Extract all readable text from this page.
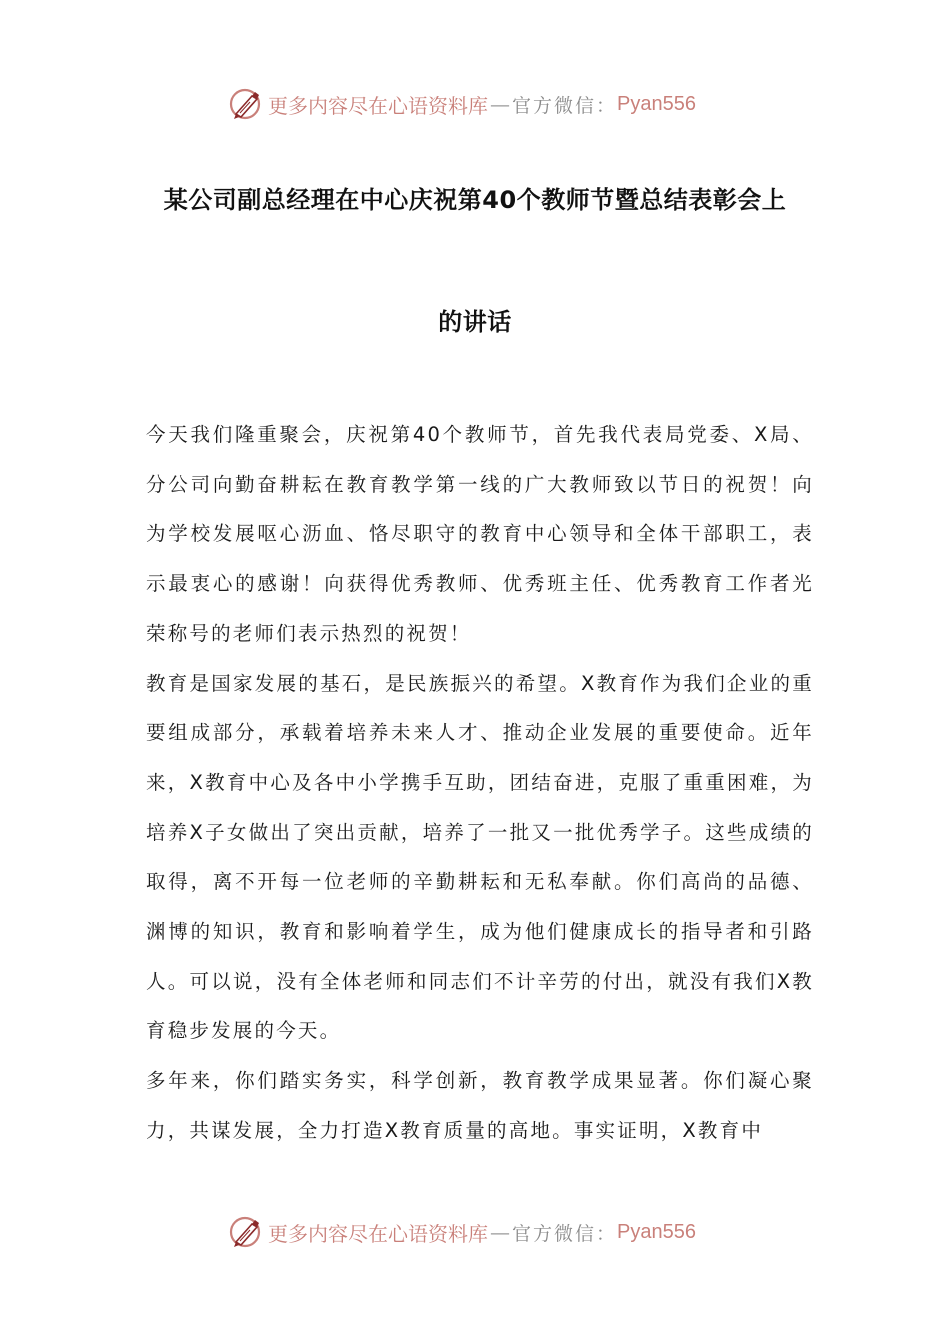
更多内容尽在心语资料库 — 官方微信： Pyan556
某公司副总经理在中心庆祝第40个教师节暨总结表彰会上
的讲话

今天我们隆重聚会，庆祝第40个教师节，首先我代表局党委、X局、分公司向勤奋耕耘在教育教学第一线的广大教师致以节日的祝贺！向为学校发展呕心沥血、恪尽职守的教育中心领导和全体干部职工，表示最衷心的感谢！向获得优秀教师、优秀班主任、优秀教育工作者光荣称号的老师们表示热烈的祝贺！

教育是国家发展的基石，是民族振兴的希望。X教育作为我们企业的重要组成部分，承载着培养未来人才、推动企业发展的重要使命。近年来，X教育中心及各中小学携手互助，团结奋进，克服了重重困难，为培养X子女做出了突出贡献，培养了一批又一批优秀学子。这些成绩的取得，离不开每一位老师的辛勤耕耘和无私奉献。你们高尚的品德、渊博的知识，教育和影响着学生，成为他们健康成长的指导者和引路人。可以说，没有全体老师和同志们不计辛劳的付出，就没有我们X教育稳步发展的今天。

多年来，你们踏实务实，科学创新，教育教学成果显著。你们凝心聚力，共谋发展，全力打造X教育质量的高地。事实证明，X教育中

更多内容尽在心语资料库 — 官方微信： Pyan556
